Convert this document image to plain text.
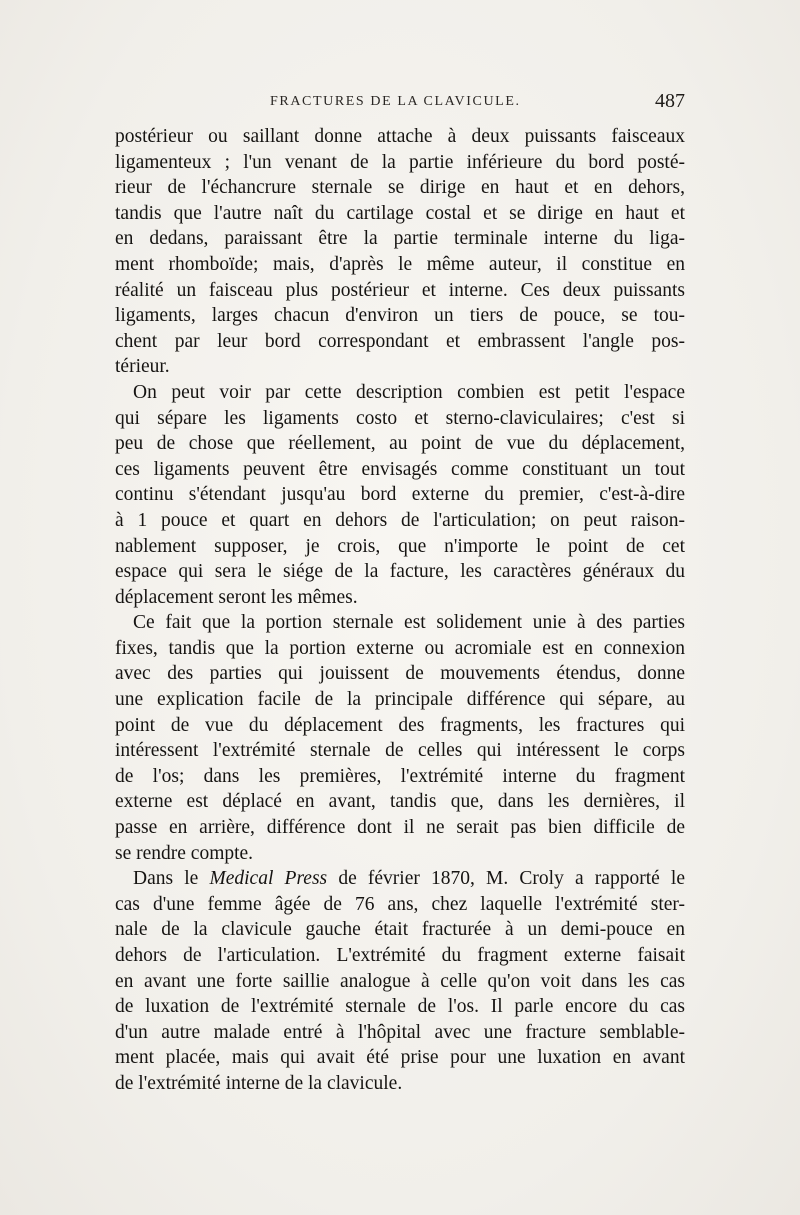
FRACTURES DE LA CLAVICULE.	487
postérieur ou saillant donne attache à deux puissants faisceaux
ligamenteux ; l'un venant de la partie inférieure du bord posté-
rieur de l'échancrure sternale se dirige en haut et en dehors,
tandis que l'autre naît du cartilage costal et se dirige en haut et
en dedans, paraissant être la partie terminale interne du liga-
ment rhomboïde; mais, d'après le même auteur, il constitue en
réalité un faisceau plus postérieur et interne. Ces deux puissants
ligaments, larges chacun d'environ un tiers de pouce, se tou-
chent par leur bord correspondant et embrassent l'angle pos-
térieur.
On peut voir par cette description combien est petit l'espace
qui sépare les ligaments costo et sterno-claviculaires; c'est si
peu de chose que réellement, au point de vue du déplacement,
ces ligaments peuvent être envisagés comme constituant un tout
continu s'étendant jusqu'au bord externe du premier, c'est-à-dire
à 1 pouce et quart en dehors de l'articulation; on peut raison-
nablement supposer, je crois, que n'importe le point de cet
espace qui sera le siége de la facture, les caractères généraux du
déplacement seront les mêmes.
Ce fait que la portion sternale est solidement unie à des parties
fixes, tandis que la portion externe ou acromiale est en connexion
avec des parties qui jouissent de mouvements étendus, donne
une explication facile de la principale différence qui sépare, au
point de vue du déplacement des fragments, les fractures qui
intéressent l'extrémité sternale de celles qui intéressent le corps
de l'os; dans les premières, l'extrémité interne du fragment
externe est déplacé en avant, tandis que, dans les dernières, il
passe en arrière, différence dont il ne serait pas bien difficile de
se rendre compte.
Dans le Medical Press de février 1870, M. Croly a rapporté le
cas d'une femme âgée de 76 ans, chez laquelle l'extrémité ster-
nale de la clavicule gauche était fracturée à un demi-pouce en
dehors de l'articulation. L'extrémité du fragment externe faisait
en avant une forte saillie analogue à celle qu'on voit dans les cas
de luxation de l'extrémité sternale de l'os. Il parle encore du cas
d'un autre malade entré à l'hôpital avec une fracture semblable-
ment placée, mais qui avait été prise pour une luxation en avant
de l'extrémité interne de la clavicule.
